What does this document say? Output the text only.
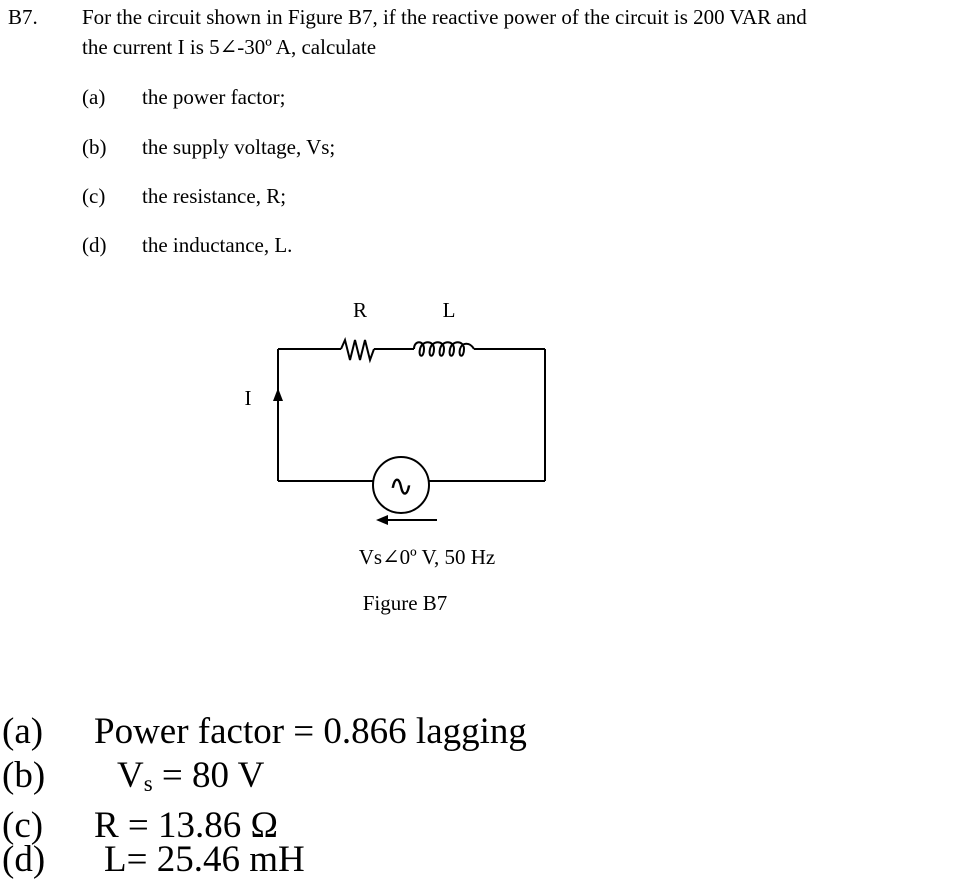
B7. For the circuit shown in Figure B7, if the reactive power of the circuit is 200 VAR and
the current I is 5∠-30º A, calculate
(a) the power factor;
(b) the supply voltage, Vs;
(c) the resistance, R;
(d) the inductance, L.
R	L
I
∿
Vs∠0º V, 50 Hz
Figure B7
(a) Power factor = 0.866 lagging
(b) $V_s = 80$ V
(c) R = 13.86 Ω
(d) L= 25.46 mH
